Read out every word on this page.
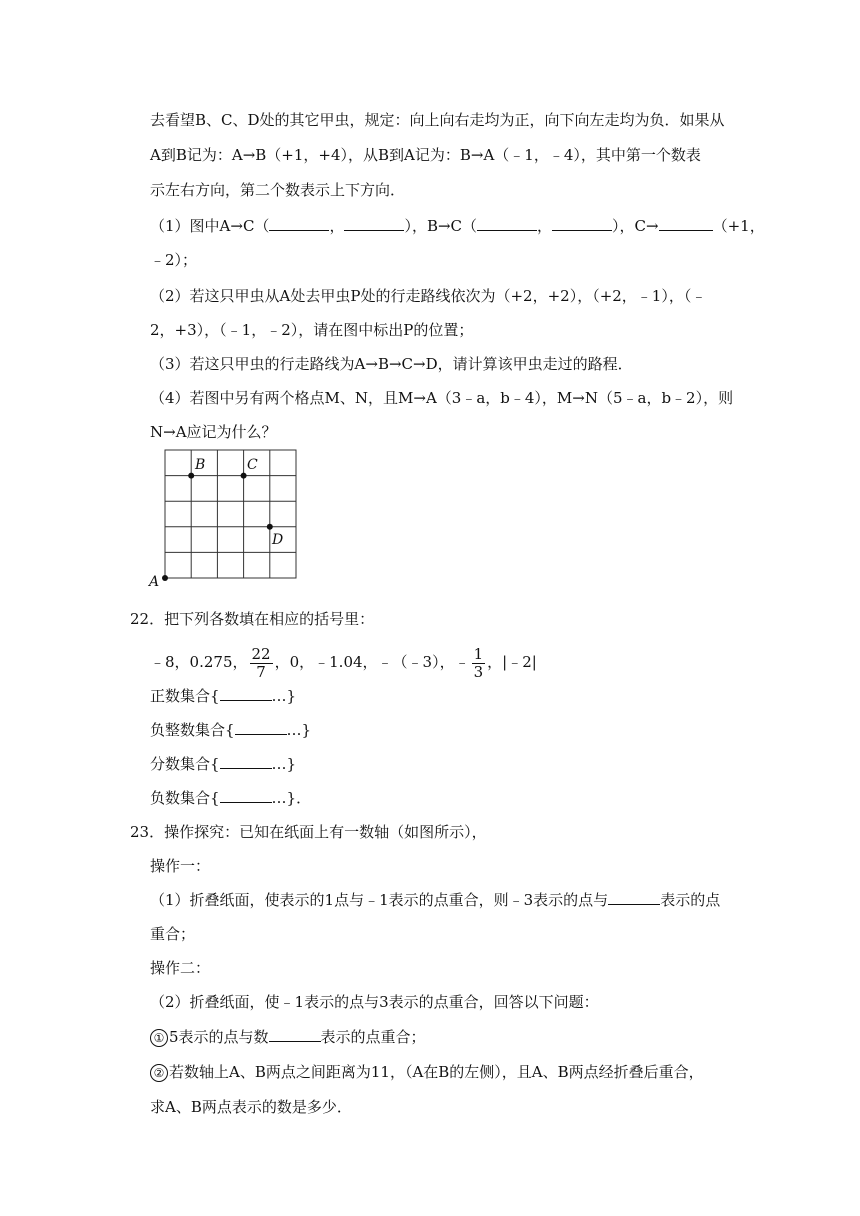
去看望B、C、D处的其它甲虫，规定：向上向右走均为正，向下向左走均为负．如果从
A到B记为：A→B（+1，+4），从B到A记为：B→A（﹣1，﹣4），其中第一个数表
示左右方向，第二个数表示上下方向．
（1）图中A→C（	，	），B→C（	，	），C→	（+1，
﹣2）；
（2）若这只甲虫从A处去甲虫P处的行走路线依次为（+2，+2），（+2，﹣1），（﹣
2，+3），（﹣1，﹣2），请在图中标出P的位置；
（3）若这只甲虫的行走路线为A→B→C→D，请计算该甲虫走过的路程．
（4）若图中另有两个格点M、N，且M→A（3﹣a，b﹣4），M→N（5﹣a，b﹣2），则
N→A应记为什么？
A
B	C
D
22．把下列各数填在相应的括号里：
﹣8，0.275， $\frac{22}{7}$ ，0，﹣1.04，﹣（﹣3），﹣ $\frac{1}{3}$ ，|﹣2|
正数集合{	…}
负整数集合{	…}
分数集合{	…}
负数集合{	…}．
23．操作探究：已知在纸面上有一数轴（如图所示），
操作一：
（1）折叠纸面，使表示的1点与﹣1表示的点重合，则﹣3表示的点与	表示的点
重合；
操作二：
（2）折叠纸面，使﹣1表示的点与3表示的点重合，回答以下问题：
① 5表示的点与数	表示的点重合；
② 若数轴上A、B两点之间距离为11，（A在B的左侧），且A、B两点经折叠后重合，
求A、B两点表示的数是多少．
